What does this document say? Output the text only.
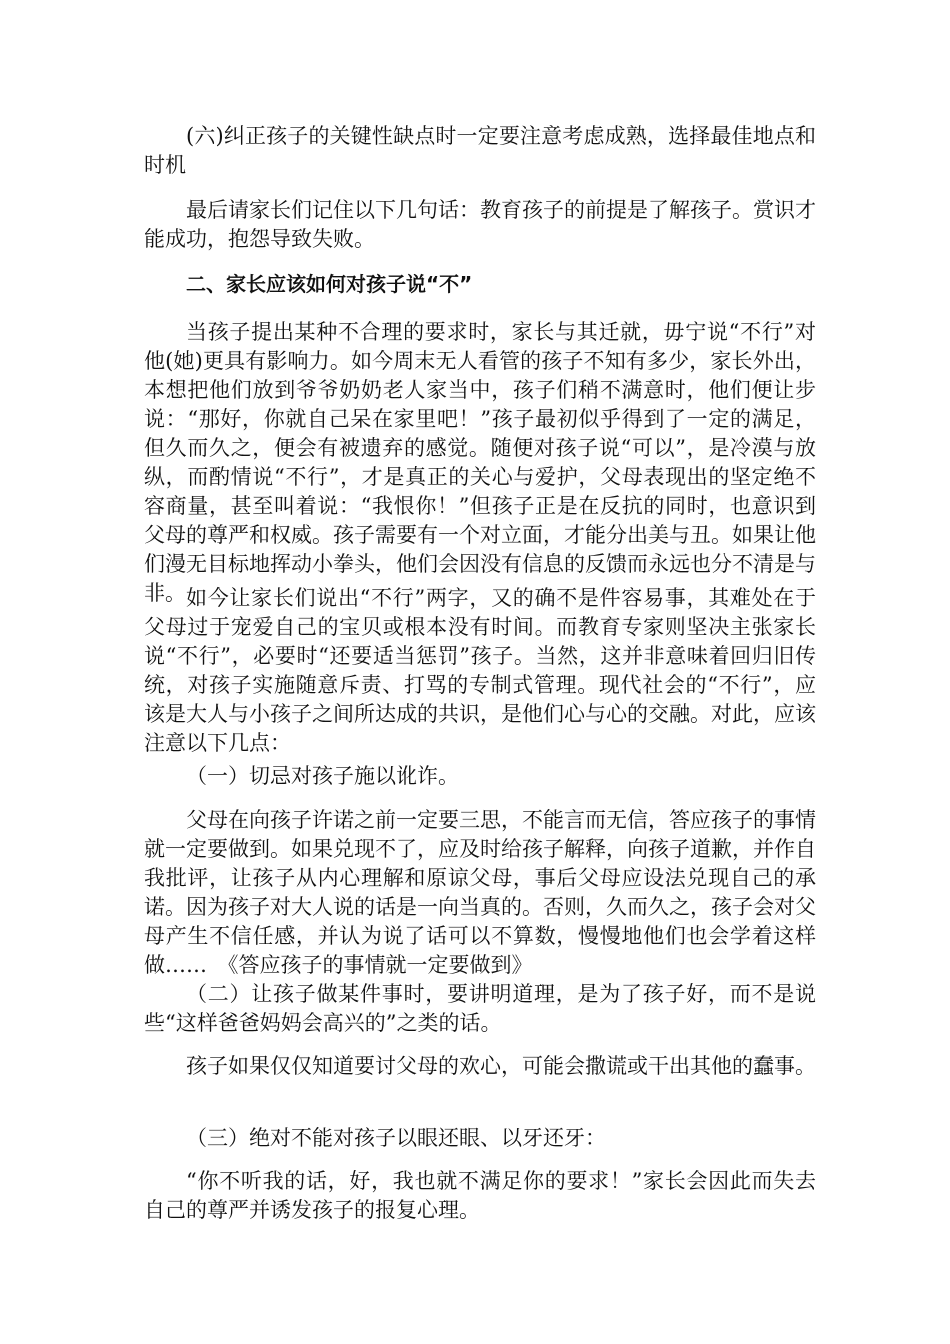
(六)纠正孩子的关键性缺点时一定要注意考虑成熟，选择最佳地点和时机

最后请家长们记住以下几句话：教育孩子的前提是了解孩子。赏识才能成功，抱怨导致失败。

二、家长应该如何对孩子说“不”

当孩子提出某种不合理的要求时，家长与其迁就，毋宁说“不行”对他(她)更具有影响力。如今周末无人看管的孩子不知有多少，家长外出，本想把他们放到爷爷奶奶老人家当中，孩子们稍不满意时，他们便让步说：“那好，你就自己呆在家里吧！”孩子最初似乎得到了一定的满足，但久而久之，便会有被遗弃的感觉。随便对孩子说“可以”，是冷漠与放纵，而酌情说“不行”，才是真正的关心与爱护，父母表现出的坚定绝不容商量，甚至叫着说：“我恨你！”但孩子正是在反抗的同时，也意识到父母的尊严和权威。孩子需要有一个对立面，才能分出美与丑。如果让他们漫无目标地挥动小拳头，他们会因没有信息的反馈而永远也分不清是与非。 如今让家长们说出“不行”两字，又的确不是件容易事，其难处在于父母过于宠爱自己的宝贝或根本没有时间。而教育专家则坚决主张家长说“不行”，必要时“还要适当惩罚”孩子。当然，这并非意味着回归旧传统，对孩子实施随意斥责、打骂的专制式管理。现代社会的“不行”，应该是大人与小孩子之间所达成的共识，是他们心与心的交融。对此，应该注意以下几点：

（一）切忌对孩子施以讹诈。

父母在向孩子许诺之前一定要三思，不能言而无信，答应孩子的事情就一定要做到。如果兑现不了，应及时给孩子解释，向孩子道歉，并作自我批评，让孩子从内心理解和原谅父母，事后父母应设法兑现自己的承诺。因为孩子对大人说的话是一向当真的。否则，久而久之，孩子会对父母产生不信任感，并认为说了话可以不算数，慢慢地他们也会学着这样做……　《答应孩子的事情就一定要做到》

（二）让孩子做某件事时，要讲明道理，是为了孩子好，而不是说些“这样爸爸妈妈会高兴的”之类的话。

孩子如果仅仅知道要讨父母的欢心，可能会撒谎或干出其他的蠢事。

（三）绝对不能对孩子以眼还眼、以牙还牙：

“你不听我的话，好，我也就不满足你的要求！”家长会因此而失去自己的尊严并诱发孩子的报复心理。
